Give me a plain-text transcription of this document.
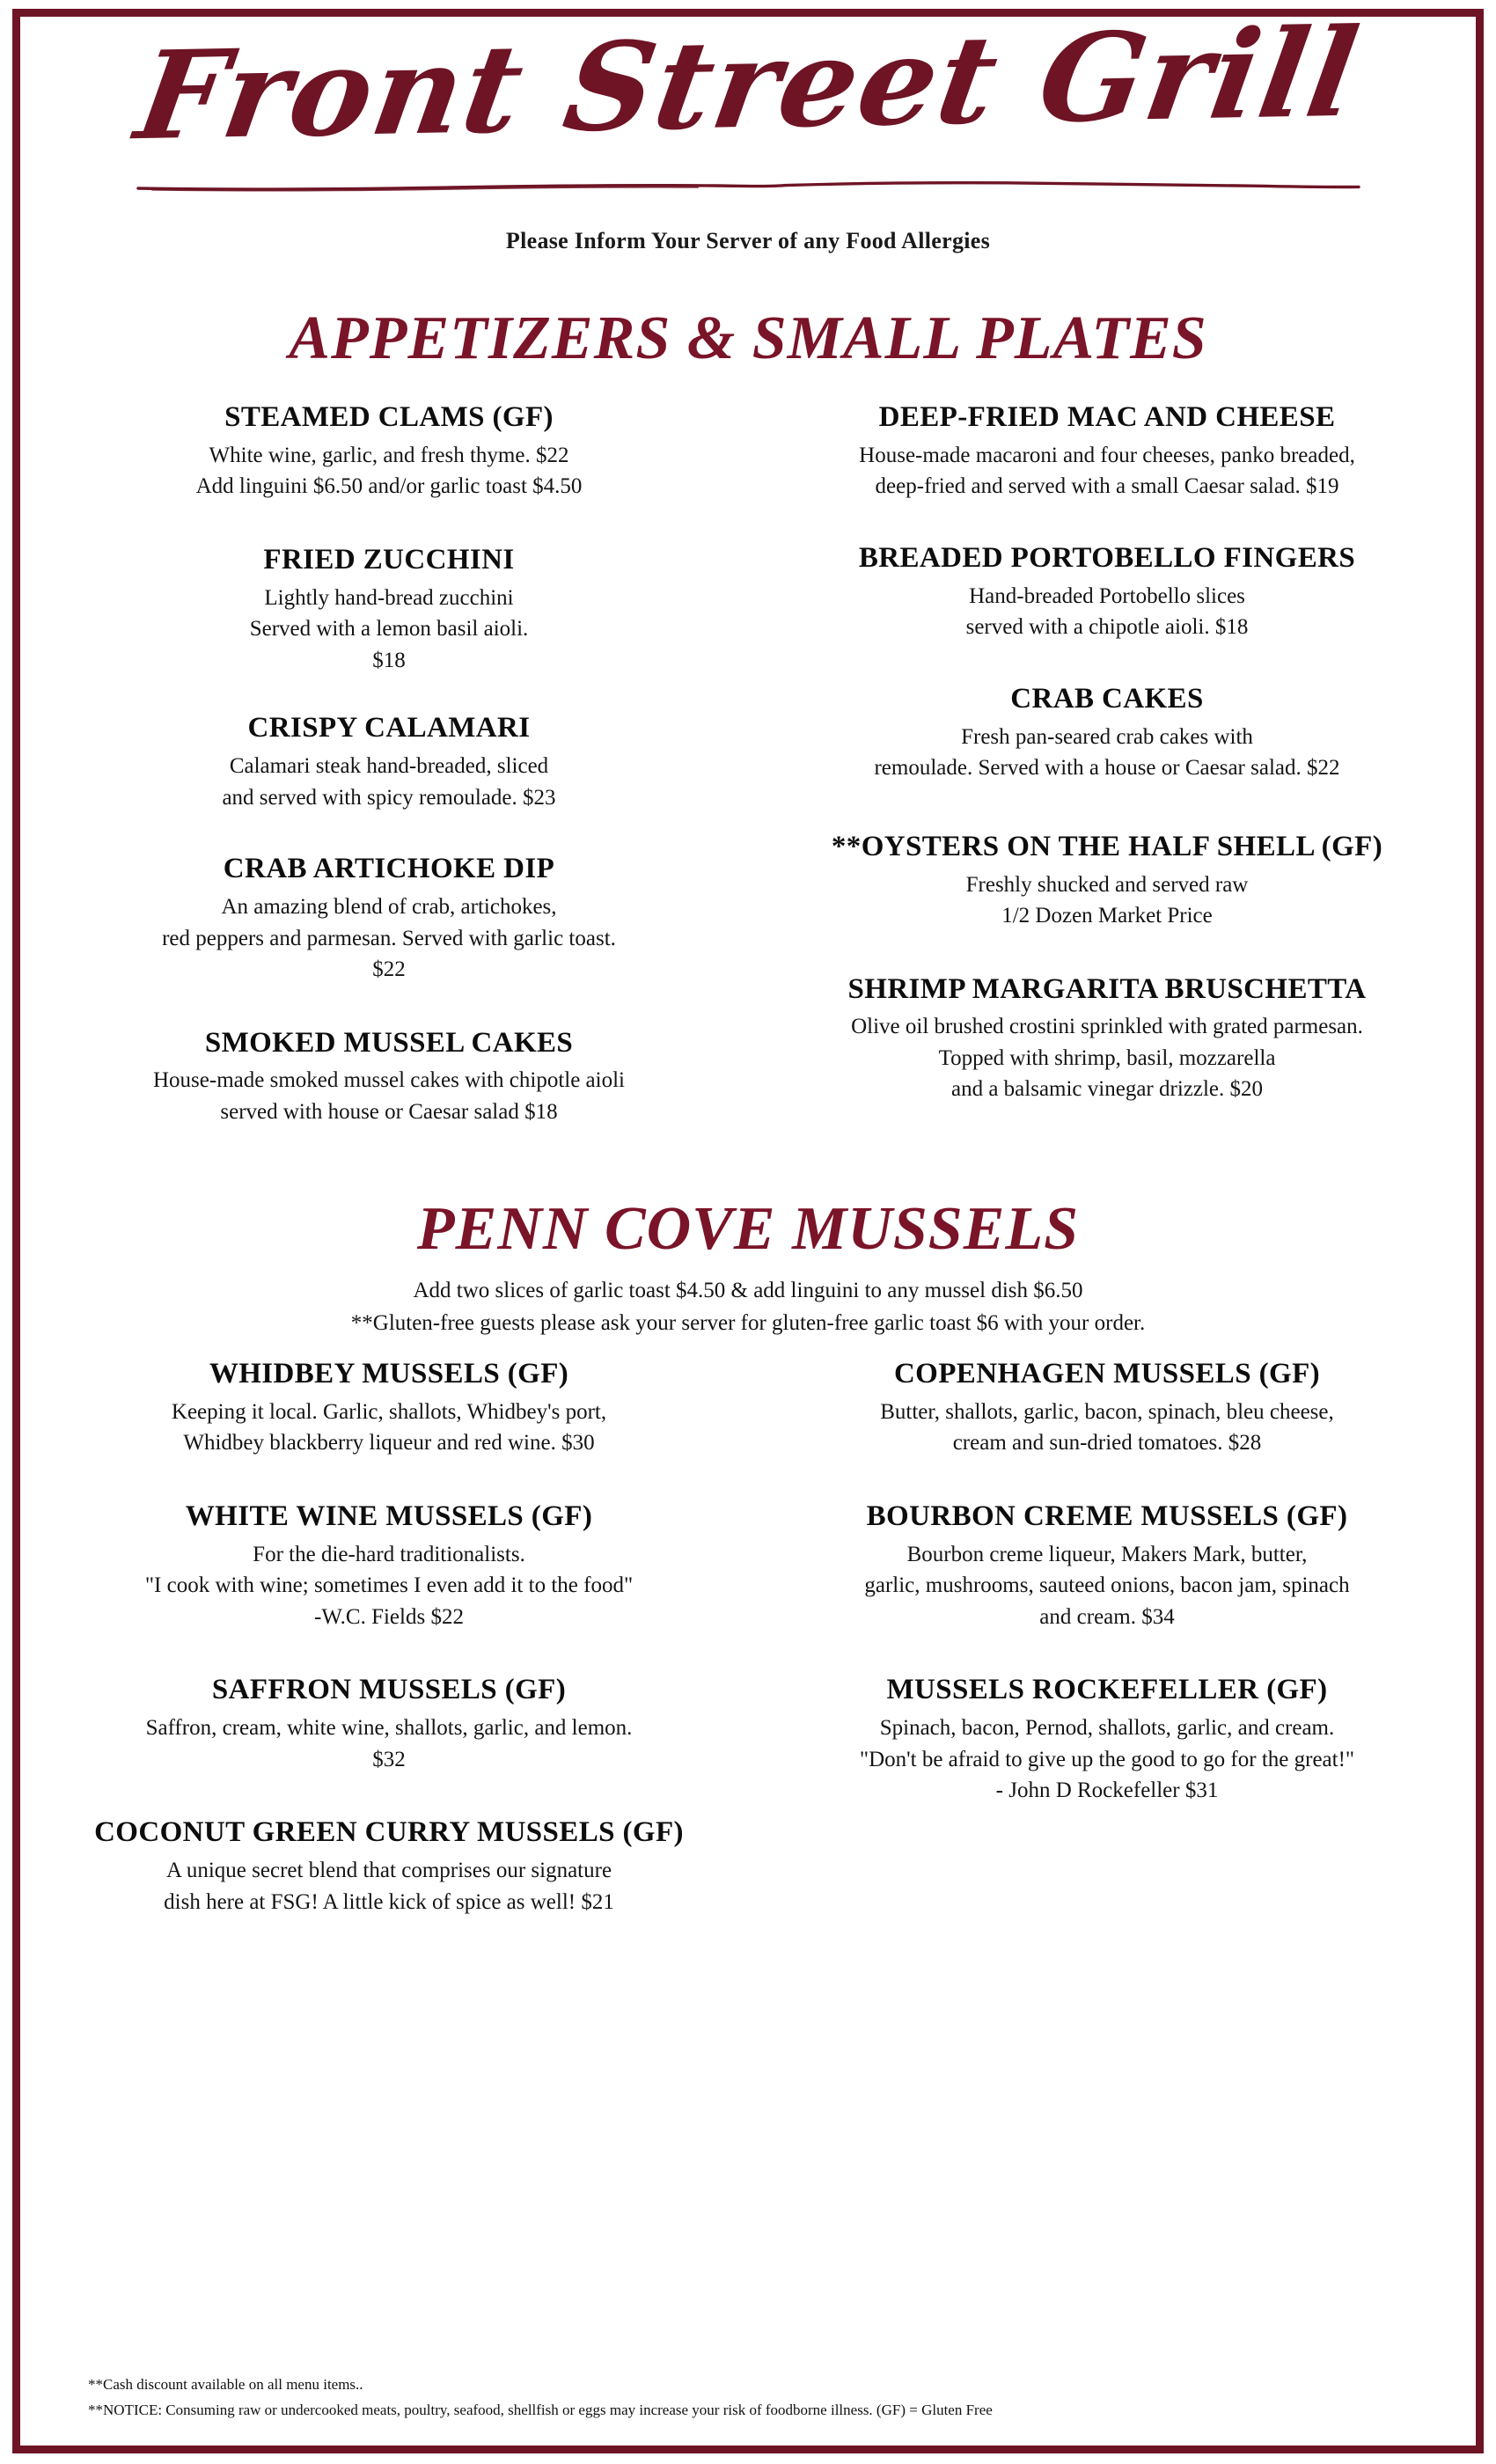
Front Street Grill

Please Inform Your Server of any Food Allergies

APPETIZERS & SMALL PLATES

STEAMED CLAMS (GF)

White wine, garlic, and fresh thyme. $22
Add linguini $6.50 and/or garlic toast $4.50

FRIED ZUCCHINI

Lightly hand-bread zucchini
Served with a lemon basil aioli.
$18

CRISPY CALAMARI

Calamari steak hand-breaded, sliced
and served with spicy remoulade. $23

CRAB ARTICHOKE DIP

An amazing blend of crab, artichokes,
red peppers and parmesan. Served with garlic toast.
$22

SMOKED MUSSEL CAKES

House-made smoked mussel cakes with chipotle aioli
served with house or Caesar salad $18

DEEP-FRIED MAC AND CHEESE

House-made macaroni and four cheeses, panko breaded,
deep-fried and served with a small Caesar salad. $19

BREADED PORTOBELLO FINGERS

Hand-breaded Portobello slices
served with a chipotle aioli. $18

CRAB CAKES

Fresh pan-seared crab cakes with
remoulade. Served with a house or Caesar salad. $22

**OYSTERS ON THE HALF SHELL (GF)

Freshly shucked and served raw
1/2 Dozen Market Price

SHRIMP MARGARITA BRUSCHETTA

Olive oil brushed crostini sprinkled with grated parmesan.
Topped with shrimp, basil, mozzarella
and a balsamic vinegar drizzle. $20

PENN COVE MUSSELS
Add two slices of garlic toast $4.50 & add linguini to any mussel dish $6.50
**Gluten-free guests please ask your server for gluten-free garlic toast $6 with your order.

WHIDBEY MUSSELS (GF)

Keeping it local. Garlic, shallots, Whidbey's port,
Whidbey blackberry liqueur and red wine. $30

WHITE WINE MUSSELS (GF)

For the die-hard traditionalists.
"I cook with wine; sometimes I even add it to the food"
-W.C. Fields $22

SAFFRON MUSSELS (GF)

Saffron, cream, white wine, shallots, garlic, and lemon.
$32

COCONUT GREEN CURRY MUSSELS (GF)

A unique secret blend that comprises our signature
dish here at FSG! A little kick of spice as well! $21

COPENHAGEN MUSSELS (GF)

Butter, shallots, garlic, bacon, spinach, bleu cheese,
cream and sun-dried tomatoes. $28

BOURBON CREME MUSSELS (GF)

Bourbon creme liqueur, Makers Mark, butter,
garlic, mushrooms, sauteed onions, bacon jam, spinach
and cream. $34

MUSSELS ROCKEFELLER (GF)

Spinach, bacon, Pernod, shallots, garlic, and cream.
"Don't be afraid to give up the good to go for the great!"
- John D Rockefeller $31

**Cash discount available on all menu items..
**NOTICE: Consuming raw or undercooked meats, poultry, seafood, shellfish or eggs may increase your risk of foodborne illness. (GF) = Gluten Free
